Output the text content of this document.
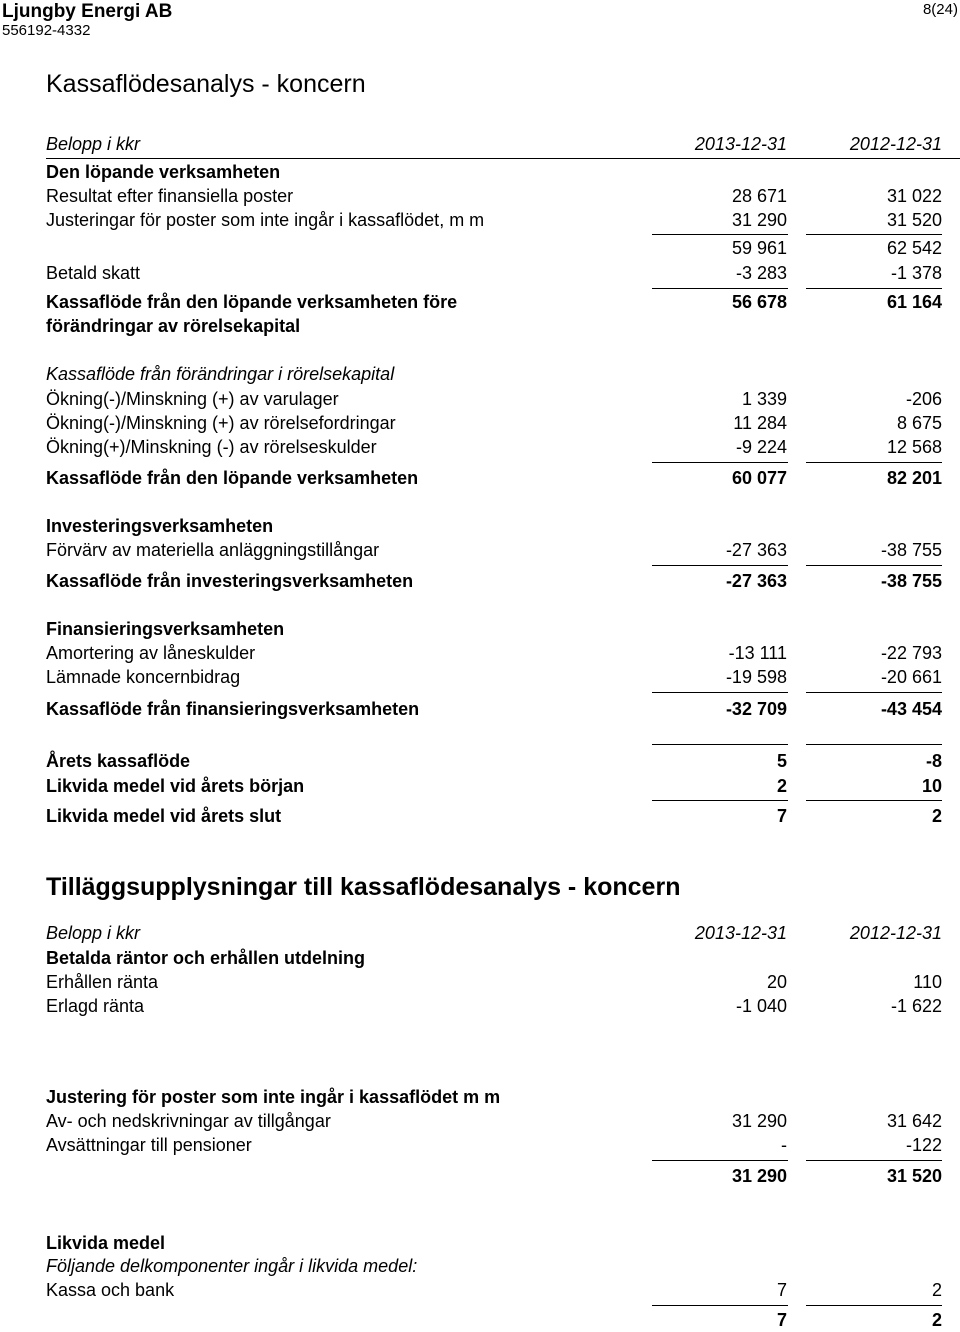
Ljungby Energi AB
556192-4332
8(24)
Kassaflödesanalys - koncern
Belopp i kkr	2013-12-31	2012-12-31
Den löpande verksamheten
Resultat efter finansiella poster	28 671	31 022
Justeringar för poster som inte ingår i kassaflödet, m m	31 290	31 520
59 961	62 542
Betald skatt	-3 283	-1 378
Kassaflöde från den löpande verksamheten före	56 678	61 164
förändringar av rörelsekapital
Kassaflöde från förändringar i rörelsekapital
Ökning(-)/Minskning (+) av varulager	1 339	-206
Ökning(-)/Minskning (+) av rörelsefordringar	11 284	8 675
Ökning(+)/Minskning (-) av rörelseskulder	-9 224	12 568
Kassaflöde från den löpande verksamheten	60 077	82 201
Investeringsverksamheten
Förvärv av materiella anläggningstillångar	-27 363	-38 755
Kassaflöde från investeringsverksamheten	-27 363	-38 755
Finansieringsverksamheten
Amortering av låneskulder	-13 111	-22 793
Lämnade koncernbidrag	-19 598	-20 661
Kassaflöde från finansieringsverksamheten	-32 709	-43 454
Årets kassaflöde	5	-8
Likvida medel vid årets början	2	10
Likvida medel vid årets slut	7	2
Tilläggsupplysningar till kassaflödesanalys - koncern
Belopp i kkr	2013-12-31	2012-12-31
Betalda räntor och erhållen utdelning
Erhållen ränta	20	110
Erlagd ränta	-1 040	-1 622
Justering för poster som inte ingår i kassaflödet m m
Av- och nedskrivningar av tillgångar	31 290	31 642
Avsättningar till pensioner	-	-122
31 290	31 520
Likvida medel
Följande delkomponenter ingår i likvida medel:
Kassa och bank	7	2
7	2
